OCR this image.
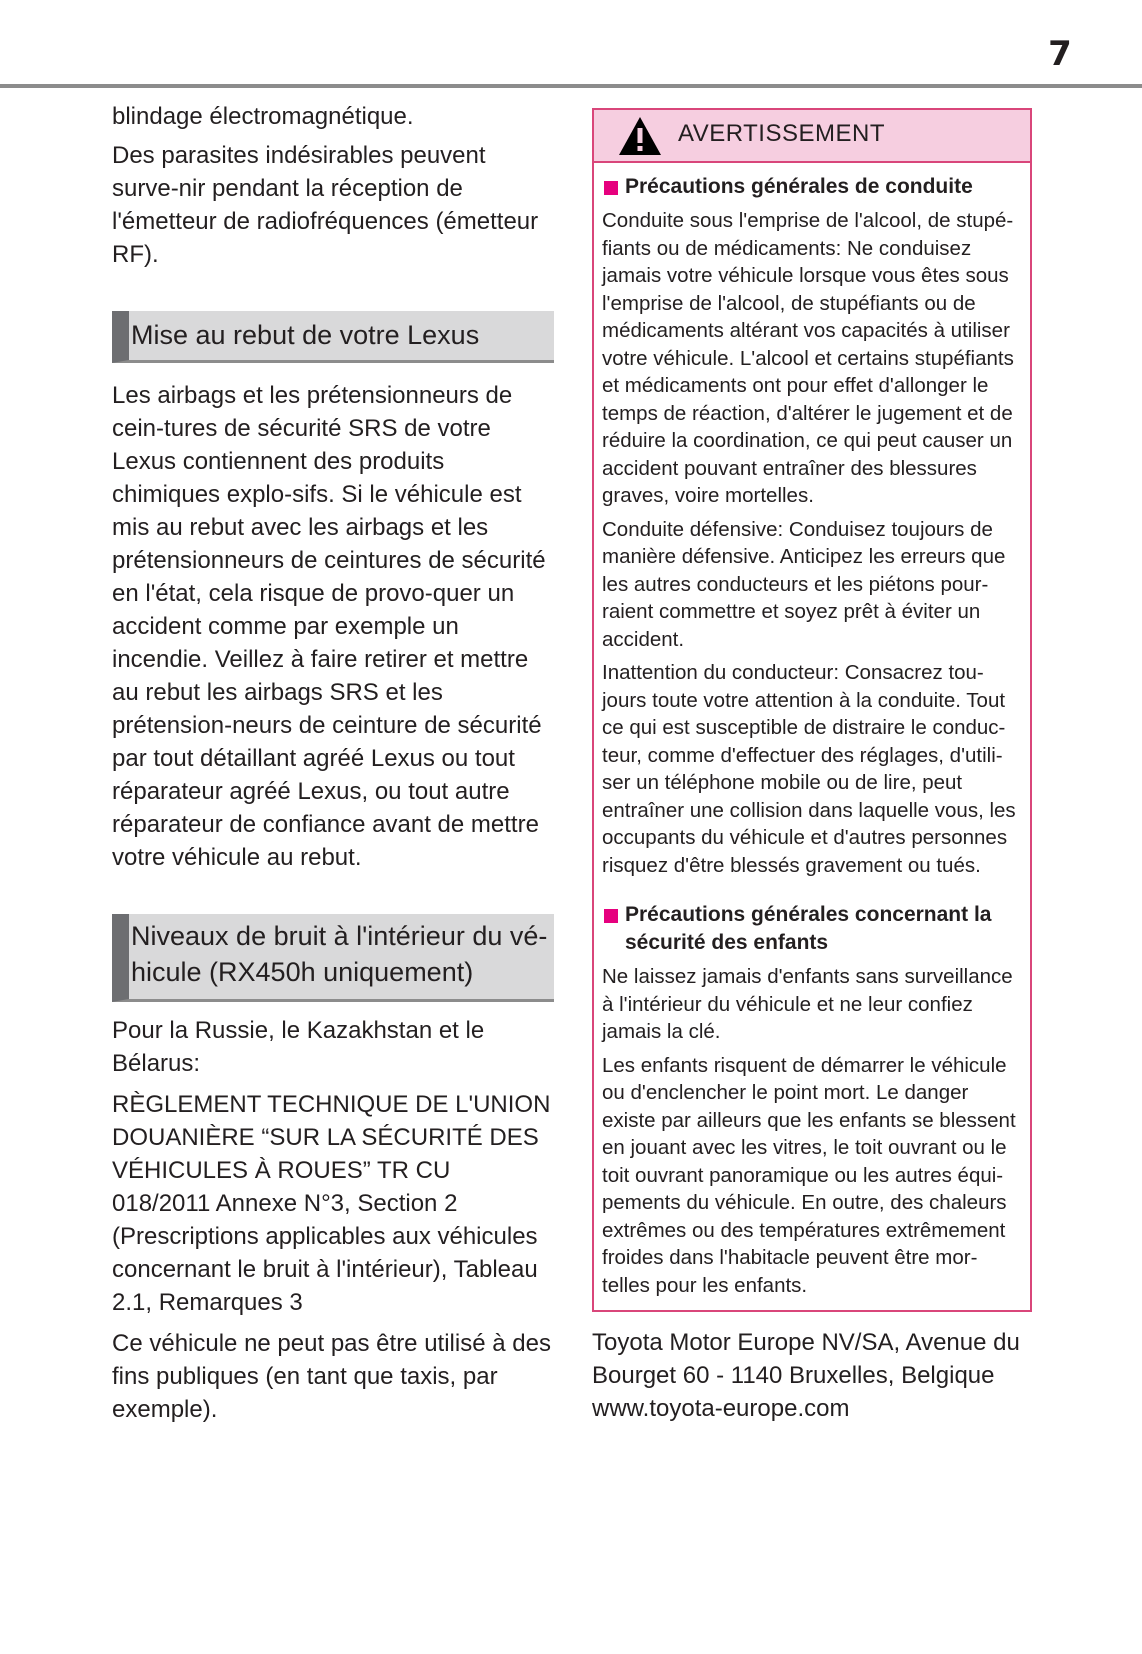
7

blindage électromagnétique.

Des parasites indésirables peuvent surve-nir pendant la réception de l'émetteur de radiofréquences (émetteur RF).

Mise au rebut de votre Lexus

Les airbags et les prétensionneurs de cein-tures de sécurité SRS de votre Lexus contiennent des produits chimiques explo-sifs. Si le véhicule est mis au rebut avec les airbags et les prétensionneurs de ceintures de sécurité en l'état, cela risque de provo-quer un accident comme par exemple un incendie. Veillez à faire retirer et mettre au rebut les airbags SRS et les prétension-neurs de ceinture de sécurité par tout détaillant agréé Lexus ou tout réparateur agréé Lexus, ou tout autre réparateur de confiance avant de mettre votre véhicule au rebut.

Niveaux de bruit à l'intérieur du vé-
hicule (RX450h uniquement)

Pour la Russie, le Kazakhstan et le Bélarus:

RÈGLEMENT TECHNIQUE DE L'UNION DOUANIÈRE “SUR LA SÉCURITÉ DES VÉHICULES À ROUES” TR CU 018/2011 Annexe N°3, Section 2 (Prescriptions applicables aux véhicules concernant le bruit à l'intérieur), Tableau 2.1, Remarques 3

Ce véhicule ne peut pas être utilisé à des fins publiques (en tant que taxis, par exemple).

AVERTISSEMENT
Précautions générales de conduite

Conduite sous l'emprise de l'alcool, de stupé-fiants ou de médicaments: Ne conduisez jamais votre véhicule lorsque vous êtes sous l'emprise de l'alcool, de stupéfiants ou de médicaments altérant vos capacités à utiliser votre véhicule. L'alcool et certains stupéfiants et médicaments ont pour effet d'allonger le temps de réaction, d'altérer le jugement et de réduire la coordination, ce qui peut causer un accident pouvant entraîner des blessures graves, voire mortelles.

Conduite défensive: Conduisez toujours de manière défensive. Anticipez les erreurs que les autres conducteurs et les piétons pour-raient commettre et soyez prêt à éviter un accident.

Inattention du conducteur: Consacrez tou-jours toute votre attention à la conduite. Tout ce qui est susceptible de distraire le conduc-teur, comme d'effectuer des réglages, d'utili-ser un téléphone mobile ou de lire, peut entraîner une collision dans laquelle vous, les occupants du véhicule et d'autres personnes risquez d'être blessés gravement ou tués.

Précautions générales concernant la sécurité des enfants

Ne laissez jamais d'enfants sans surveillance à l'intérieur du véhicule et ne leur confiez jamais la clé.

Les enfants risquent de démarrer le véhicule ou d'enclencher le point mort. Le danger existe par ailleurs que les enfants se blessent en jouant avec les vitres, le toit ouvrant ou le toit ouvrant panoramique ou les autres équi-pements du véhicule. En outre, des chaleurs extrêmes ou des températures extrêmement froides dans l'habitacle peuvent être mor-telles pour les enfants.

Toyota Motor Europe NV/SA, Avenue du
Bourget 60 - 1140 Bruxelles, Belgique
www.toyota-europe.com
